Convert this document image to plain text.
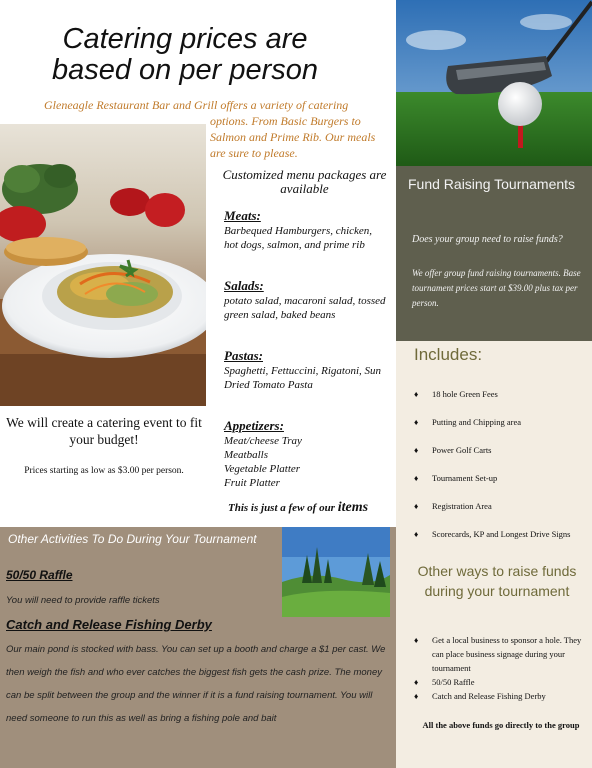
Catering prices are
based on per person
Gleneagle Restaurant Bar and Grill offers a variety of catering
options. From Basic Burgers to Salmon and Prime Rib. Our meals are sure to please.
Customized menu packages are available
Meats:
Barbequed Hamburgers, chicken, hot dogs, salmon, and prime rib
Salads:
potato salad, macaroni salad, tossed green salad, baked beans
Pastas:
Spaghetti, Fettuccini, Rigatoni, Sun Dried Tomato Pasta
Appetizers:
Meat/cheese Tray
Meatballs
Vegetable Platter
Fruit Platter
This is just a few of our items
We will create a catering event to fit your budget!
Prices starting as low as $3.00 per person.
Fund Raising Tournaments
Does your group need to raise funds?
We offer group fund raising tournaments. Base tournament prices start at $39.00 plus tax per person.
Includes:
♦ 18 hole Green Fees
♦ Putting and Chipping area
♦ Power Golf Carts
♦ Tournament Set-up
♦ Registration Area
♦ Scorecards, KP and Longest Drive Signs
Other ways to raise funds during your tournament
♦ Get a local business to sponsor a hole. They can place business signage during your tournament
♦ 50/50 Raffle
♦ Catch and Release Fishing Derby
All the above funds go directly to the group
Other Activities To Do During Your Tournament
50/50 Raffle
You will need to provide raffle tickets
Catch and Release Fishing Derby
Our main pond is stocked with bass. You can set up a booth and charge a $1 per cast. We then weigh the fish and who ever catches the biggest fish gets the cash prize. The money can be split between the group and the winner if it is a fund raising tournament. You will need someone to run this as well as bring a fishing pole and bait
